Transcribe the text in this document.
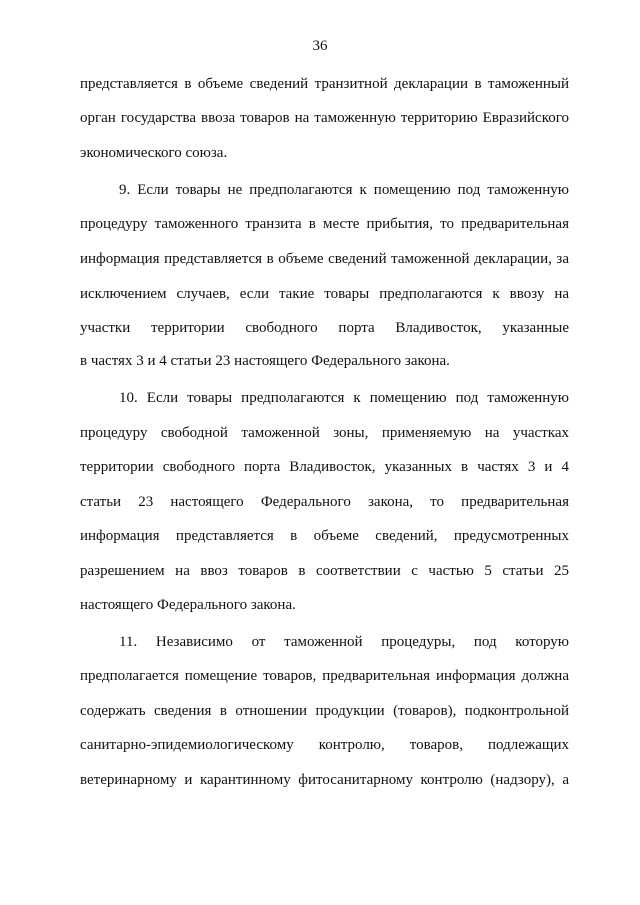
36
представляется в объеме сведений транзитной декларации в таможенный
орган государства ввоза товаров на таможенную территорию Евразийского
экономического союза.
9. Если товары не предполагаются к помещению под таможенную
процедуру таможенного транзита в месте прибытия, то предварительная
информация представляется в объеме сведений таможенной декларации, за
исключением случаев, если такие товары предполагаются к ввозу на
участки территории свободного порта Владивосток, указанные
в частях 3 и 4 статьи 23 настоящего Федерального закона.
10. Если товары предполагаются к помещению под таможенную
процедуру свободной таможенной зоны, применяемую на участках
территории свободного порта Владивосток, указанных в частях 3 и 4
статьи 23 настоящего Федерального закона, то предварительная
информация представляется в объеме сведений, предусмотренных
разрешением на ввоз товаров в соответствии с частью 5 статьи 25
настоящего Федерального закона.
11. Независимо от таможенной процедуры, под которую
предполагается помещение товаров, предварительная информация должна
содержать сведения в отношении продукции (товаров), подконтрольной
санитарно-эпидемиологическому контролю, товаров, подлежащих
ветеринарному и карантинному фитосанитарному контролю (надзору), а
